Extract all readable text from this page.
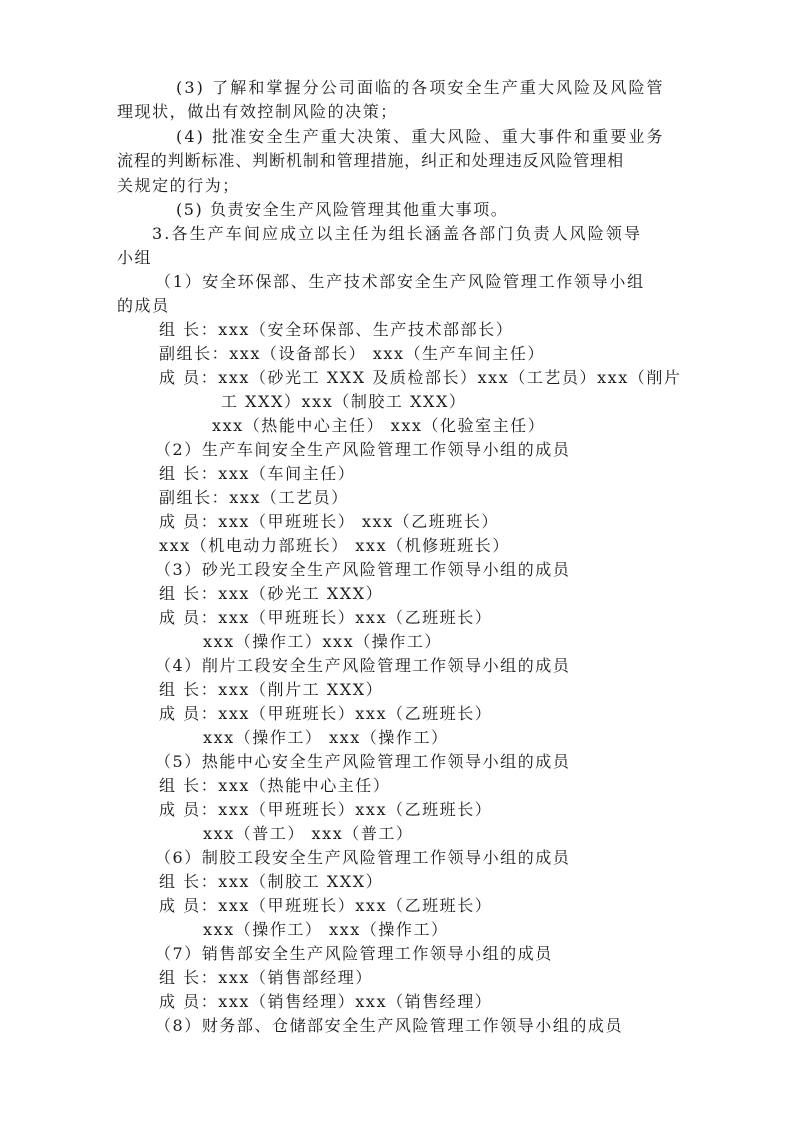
(3) 了解和掌握分公司面临的各项安全生产重大风险及风险管
理现状，做出有效控制风险的决策；
(4) 批准安全生产重大决策、重大风险、重大事件和重要业务
流程的判断标准、判断机制和管理措施，纠正和处理违反风险管理相
关规定的行为；
(5) 负责安全生产风险管理其他重大事项。
3.各生产车间应成立以主任为组长涵盖各部门负责人风险领导
小组
（1）安全环保部、生产技术部安全生产风险管理工作领导小组
的成员
组 长：xxx（安全环保部、生产技术部部长）
副组长：xxx（设备部长） xxx（生产车间主任）
成 员：xxx（砂光工 XXX 及质检部长）xxx（工艺员）xxx（削片
工 XXX）xxx（制胶工 XXX）
xxx（热能中心主任） xxx（化验室主任）
（2）生产车间安全生产风险管理工作领导小组的成员
组 长：xxx（车间主任）
副组长：xxx（工艺员）
成 员：xxx（甲班班长） xxx（乙班班长）
xxx（机电动力部班长） xxx（机修班班长）
（3）砂光工段安全生产风险管理工作领导小组的成员
组 长：xxx（砂光工 XXX）
成 员：xxx（甲班班长）xxx（乙班班长）
xxx（操作工）xxx（操作工）
（4）削片工段安全生产风险管理工作领导小组的成员
组 长：xxx（削片工 XXX）
成 员：xxx（甲班班长）xxx（乙班班长）
xxx（操作工） xxx（操作工）
（5）热能中心安全生产风险管理工作领导小组的成员
组 长：xxx（热能中心主任）
成 员：xxx（甲班班长）xxx（乙班班长）
xxx（普工） xxx（普工）
（6）制胶工段安全生产风险管理工作领导小组的成员
组 长：xxx（制胶工 XXX）
成 员：xxx（甲班班长）xxx（乙班班长）
xxx（操作工） xxx（操作工）
（7）销售部安全生产风险管理工作领导小组的成员
组 长：xxx（销售部经理）
成 员：xxx（销售经理）xxx（销售经理）
（8）财务部、仓储部安全生产风险管理工作领导小组的成员
